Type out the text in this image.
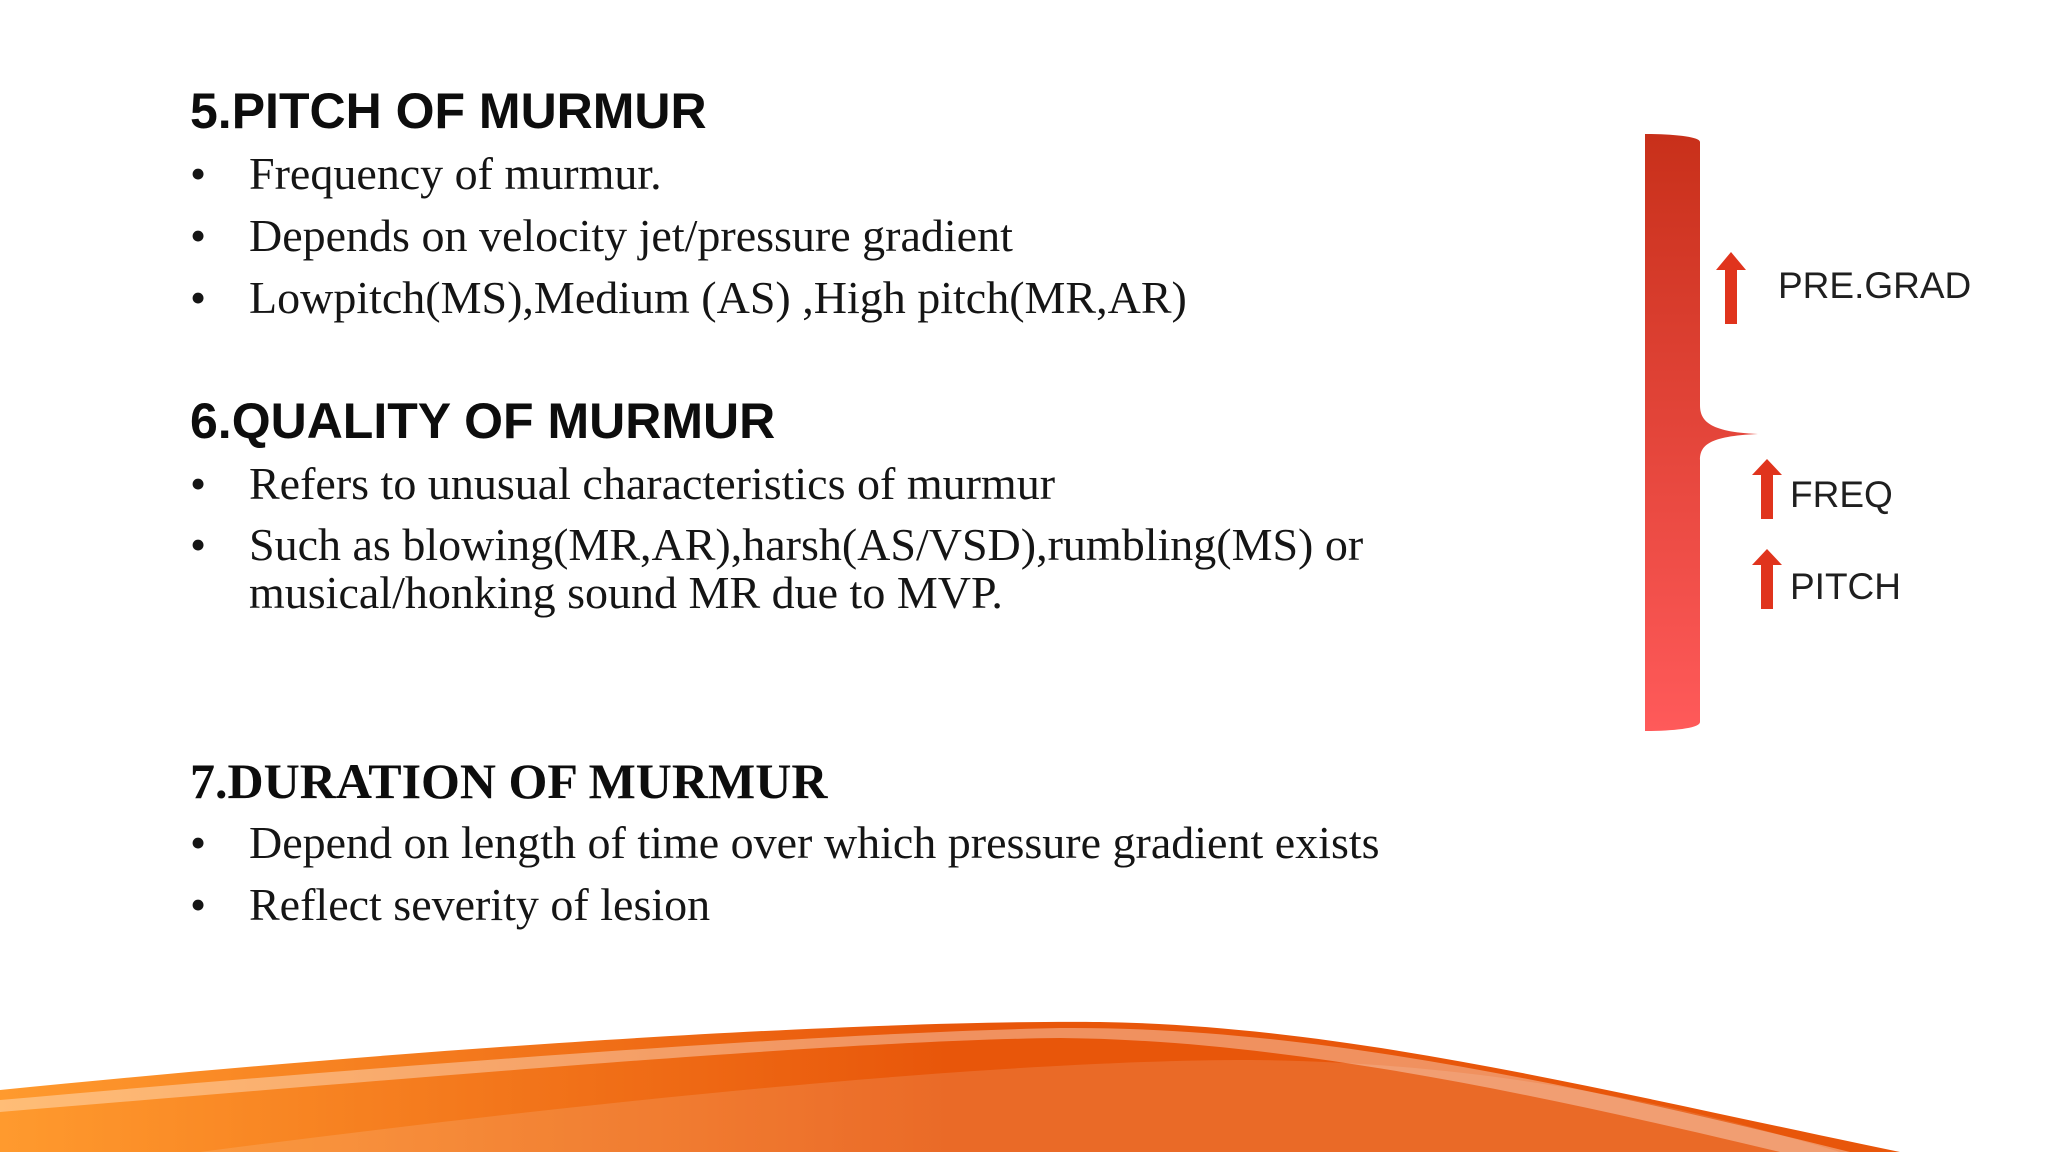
5.PITCH OF MURMUR
• Frequency of murmur.
• Depends on velocity jet/pressure gradient
• Lowpitch(MS),Medium (AS) ,High pitch(MR,AR)
6.QUALITY OF MURMUR
• Refers to unusual characteristics of murmur
• Such as blowing(MR,AR),harsh(AS/VSD),rumbling(MS) or musical/honking sound MR due to MVP.
7.DURATION OF MURMUR
• Depend on length of time over which pressure gradient exists
• Reflect severity of lesion
PRE.GRAD
FREQ
PITCH
